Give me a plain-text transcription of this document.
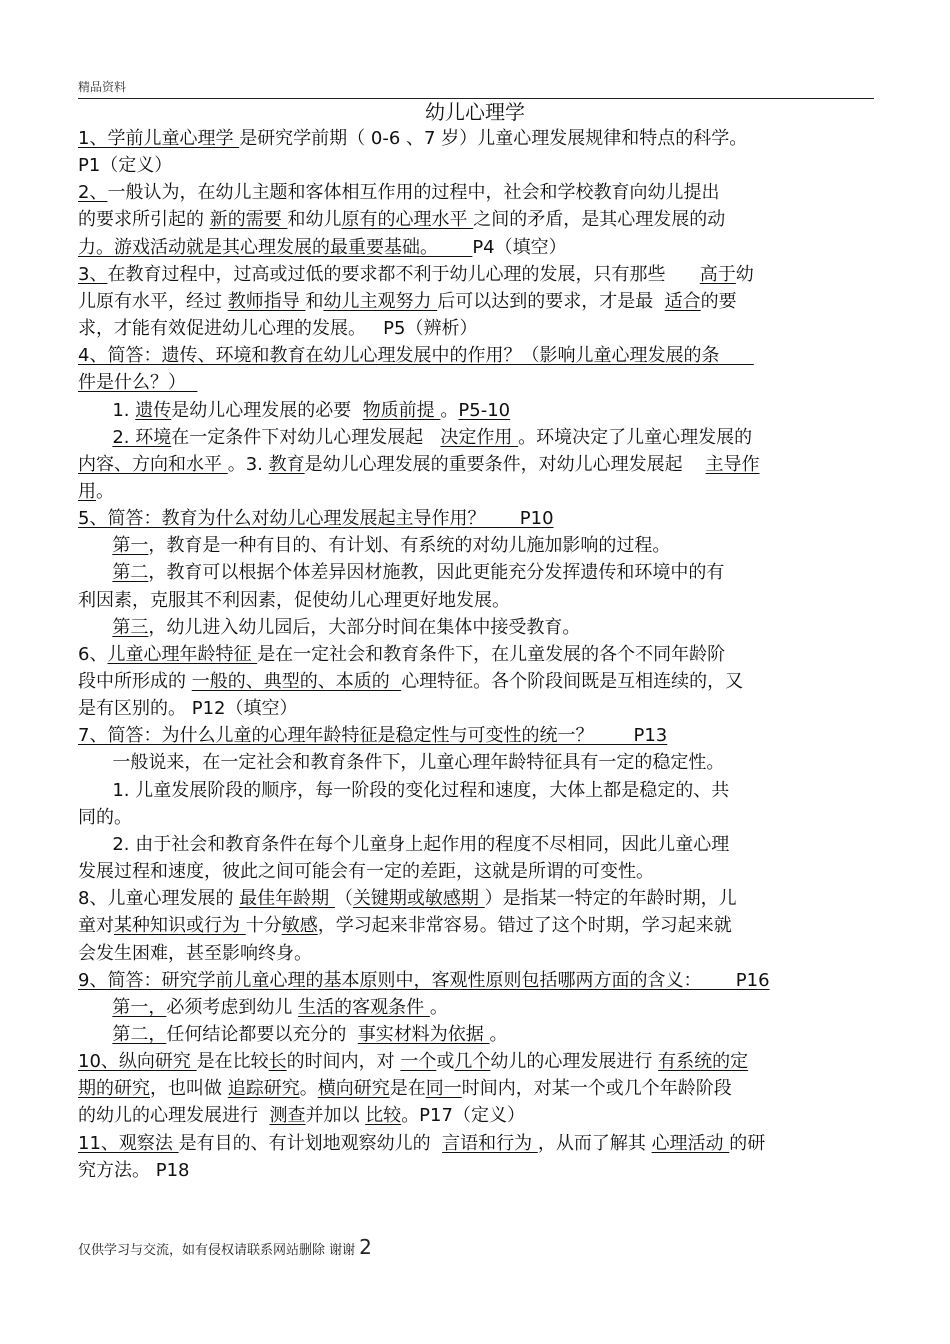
精品资料
幼儿心理学
1、学前儿童心理学 是研究学前期（ 0-6 、7 岁）儿童心理发展规律和特点的科学。
P1（定义）
2、一般认为，在幼儿主题和客体相互作用的过程中，社会和学校教育向幼儿提出
的要求所引起的 新的需要 和幼儿原有的心理水平 之间的矛盾，是其心理发展的动
力。游戏活动就是其心理发展的最重要基础。      P4（填空）
3、在教育过程中，过高或过低的要求都不利于幼儿心理的发展，只有那些      高于幼
儿原有水平，经过 教师指导 和幼儿主观努力 后可以达到的要求，才是最  适合的要
求，才能有效促进幼儿心理的发展。   P5（辨析）
4、简答：遗传、环境和教育在幼儿心理发展中的作用？（影响儿童心理发展的条
件是什么？）
1. 遗传是幼儿心理发展的必要  物质前提 。P5-10
2. 环境在一定条件下对幼儿心理发展起   决定作用 。环境决定了儿童心理发展的
内容、方向和水平 。3. 教育是幼儿心理发展的重要条件，对幼儿心理发展起    主导作
用。
5、简答：教育为什么对幼儿心理发展起主导作用？      P10
第一，教育是一种有目的、有计划、有系统的对幼儿施加影响的过程。
第二，教育可以根据个体差异因材施教，因此更能充分发挥遗传和环境中的有
利因素，克服其不利因素，促使幼儿心理更好地发展。
第三，幼儿进入幼儿园后，大部分时间在集体中接受教育。
6、儿童心理年龄特征 是在一定社会和教育条件下，在儿童发展的各个不同年龄阶
段中所形成的 一般的、典型的、本质的  心理特征。各个阶段间既是互相连续的，又
是有区别的。 P12（填空）
7、简答：为什么儿童的心理年龄特征是稳定性与可变性的统一？       P13
一般说来，在一定社会和教育条件下，儿童心理年龄特征具有一定的稳定性。
1. 儿童发展阶段的顺序，每一阶段的变化过程和速度，大体上都是稳定的、共
同的。
2. 由于社会和教育条件在每个儿童身上起作用的程度不尽相同，因此儿童心理
发展过程和速度，彼此之间可能会有一定的差距，这就是所谓的可变性。
8、儿童心理发展的 最佳年龄期 （关键期或敏感期 ）是指某一特定的年龄时期，儿
童对某种知识或行为 十分敏感，学习起来非常容易。错过了这个时期，学习起来就
会发生困难，甚至影响终身。
9、简答：研究学前儿童心理的基本原则中，客观性原则包括哪两方面的含义：      P16
第一，必须考虑到幼儿 生活的客观条件 。
第二，任何结论都要以充分的  事实材料为依据 。
10、纵向研究 是在比较长的时间内，对 一个或几个幼儿的心理发展进行 有系统的定
期的研究，也叫做 追踪研究。横向研究是在同一时间内，对某一个或几个年龄阶段
的幼儿的心理发展进行  测查并加以 比较。P17（定义）
11、观察法 是有目的、有计划地观察幼儿的  言语和行为 ，从而了解其 心理活动 的研
究方法。 P18
仅供学习与交流，如有侵权请联系网站删除 谢谢 2
